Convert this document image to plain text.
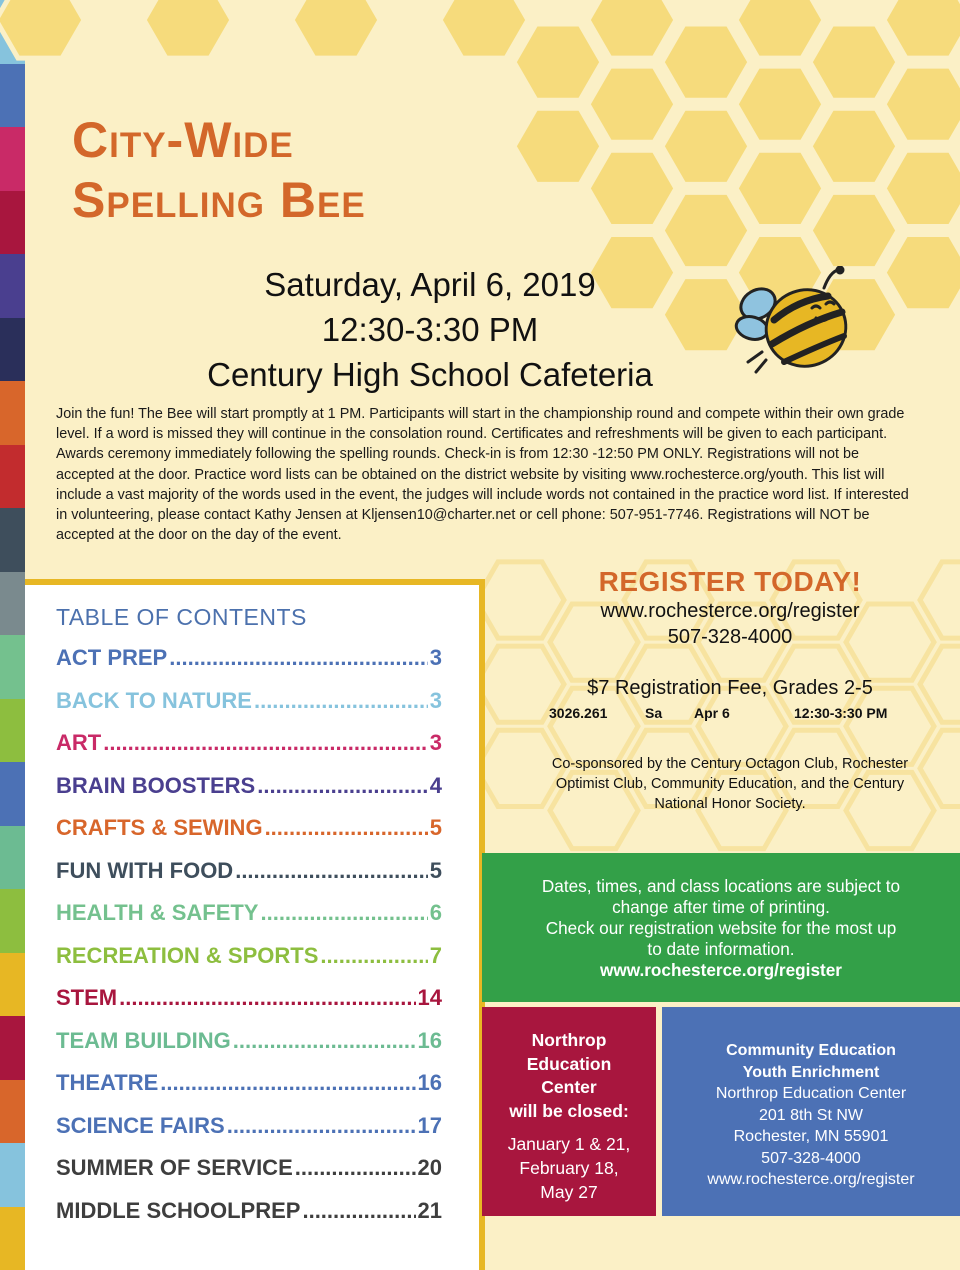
City-Wide
Spelling Bee
Saturday, April 6, 2019
12:30-3:30 PM
Century High School Cafeteria

Join the fun! The Bee will start promptly at 1 PM. Participants will start in the championship round and compete within their own grade level. If a word is missed they will continue in the consolation round. Certificates and refreshments will be given to each participant. Awards ceremony immediately following the spelling rounds. Check-in is from 12:30 -12:50 PM ONLY. Registrations will not be accepted at the door. Practice word lists can be obtained on the district website by visiting www.rochesterce.org/youth. This list will include a vast majority of the words used in the event, the judges will include words not contained in the practice word list. If interested in volunteering, please contact Kathy Jensen at Kljensen10@charter.net or cell phone: 507-951-7746. Registrations will NOT be accepted at the door on the day of the event.

TABLE OF CONTENTS
ACT PREP .....	3
BACK TO NATURE .....	3
ART .....	3
BRAIN BOOSTERS .....	4
CRAFTS & SEWING .....	5
FUN WITH FOOD .....	5
HEALTH & SAFETY .....	6
RECREATION & SPORTS .....	7
STEM .....	14
TEAM BUILDING .....	16
THEATRE .....	16
SCIENCE FAIRS .....	17
SUMMER OF SERVICE .....	20
MIDDLE SCHOOLPREP .....	21
REGISTER TODAY!
www.rochesterce.org/register
507-328-4000
$7 Registration Fee, Grades 2-5
3026.261	Sa Apr 6	12:30-3:30 PM

Co-sponsored by the Century Octagon Club, Rochester Optimist Club, Community Education, and the Century National Honor Society.

Dates, times, and class locations are subject to
change after time of printing.
Check our registration website for the most up
to date information.
www.rochesterce.org/register
Northrop
Education
Center
will be closed:
January 1 & 21,
February 18,
May 27
Community Education
Youth Enrichment
Northrop Education Center
201 8th St NW
Rochester, MN 55901
507-328-4000
www.rochesterce.org/register
